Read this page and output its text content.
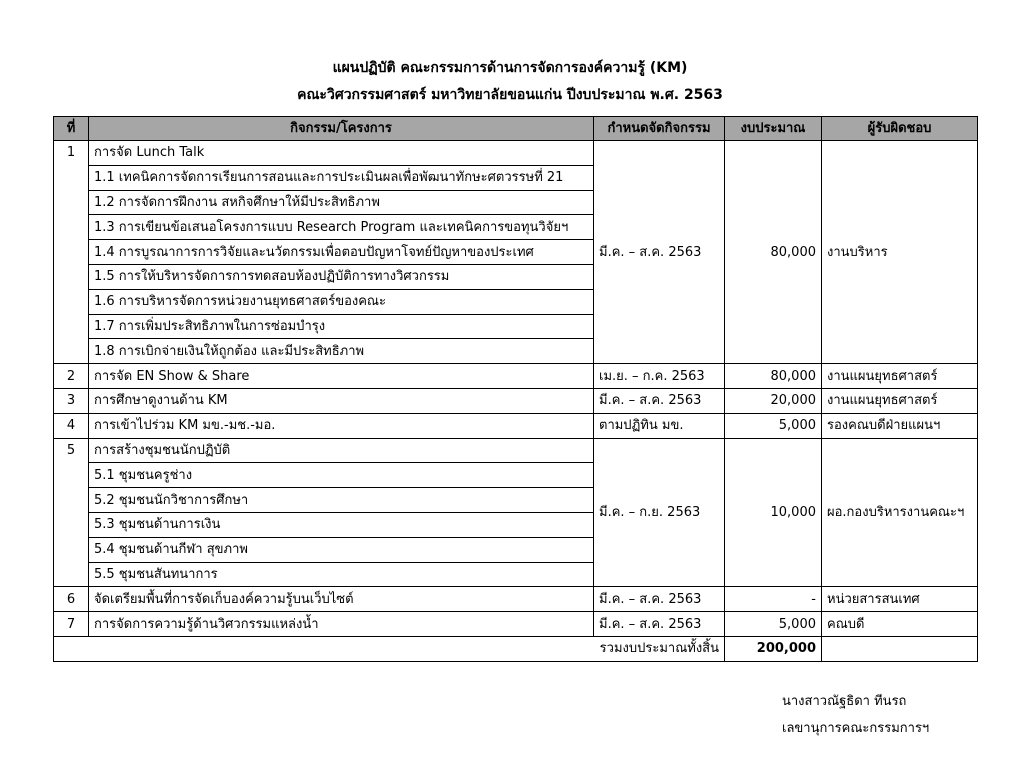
แผนปฏิบัติ คณะกรรมการด้านการจัดการองค์ความรู้ (KM)
คณะวิศวกรรมศาสตร์ มหาวิทยาลัยขอนแก่น ปีงบประมาณ พ.ศ. 2563
ที่	กิจกรรม/โครงการ	กำหนดจัดกิจกรรม	งบประมาณ	ผู้รับผิดชอบ
1	การจัด Lunch Talk	มี.ค. – ส.ค. 2563	80,000	งานบริหาร
	1.1 เทคนิคการจัดการเรียนการสอนและการประเมินผลเพื่อพัฒนาทักษะศตวรรษที่ 21			
	1.2 การจัดการฝึกงาน สหกิจศึกษาให้มีประสิทธิภาพ			
	1.3 การเขียนข้อเสนอโครงการแบบ Research Program และเทคนิคการขอทุนวิจัยฯ			
	1.4 การบูรณาการการวิจัยและนวัตกรรมเพื่อตอบปัญหาโจทย์ปัญหาของประเทศ			
	1.5 การให้บริหารจัดการการทดสอบห้องปฏิบัติการทางวิศวกรรม			
	1.6 การบริหารจัดการหน่วยงานยุทธศาสตร์ของคณะ			
	1.7 การเพิ่มประสิทธิภาพในการซ่อมบำรุง			
	1.8 การเบิกจ่ายเงินให้ถูกต้อง และมีประสิทธิภาพ			
2	การจัด EN Show & Share	เม.ย. – ก.ค. 2563	80,000	งานแผนยุทธศาสตร์
3	การศึกษาดูงานด้าน KM	มี.ค. – ส.ค. 2563	20,000	งานแผนยุทธศาสตร์
4	การเข้าไปร่วม KM มข.-มช.-มอ.	ตามปฏิทิน มข.	5,000	รองคณบดีฝ่ายแผนฯ
5	การสร้างชุมชนนักปฏิบัติ	มี.ค. – ก.ย. 2563	10,000	ผอ.กองบริหารงานคณะฯ
	5.1 ชุมชนครูช่าง			
	5.2 ชุมชนนักวิชาการศึกษา			
	5.3 ชุมชนด้านการเงิน			
	5.4 ชุมชนด้านกีฬา สุขภาพ			
	5.5 ชุมชนสันทนาการ			
6	จัดเตรียมพื้นที่การจัดเก็บองค์ความรู้บนเว็บไซต์	มี.ค. – ส.ค. 2563	-	หน่วยสารสนเทศ
7	การจัดการความรู้ด้านวิศวกรรมแหล่งน้ำ	มี.ค. – ส.ค. 2563	5,000	คณบดี
รวมงบประมาณทั้งสิ้น			200,000	
นางสาวณัฐธิดา ทีนรถ
เลขานุการคณะกรรมการฯ
